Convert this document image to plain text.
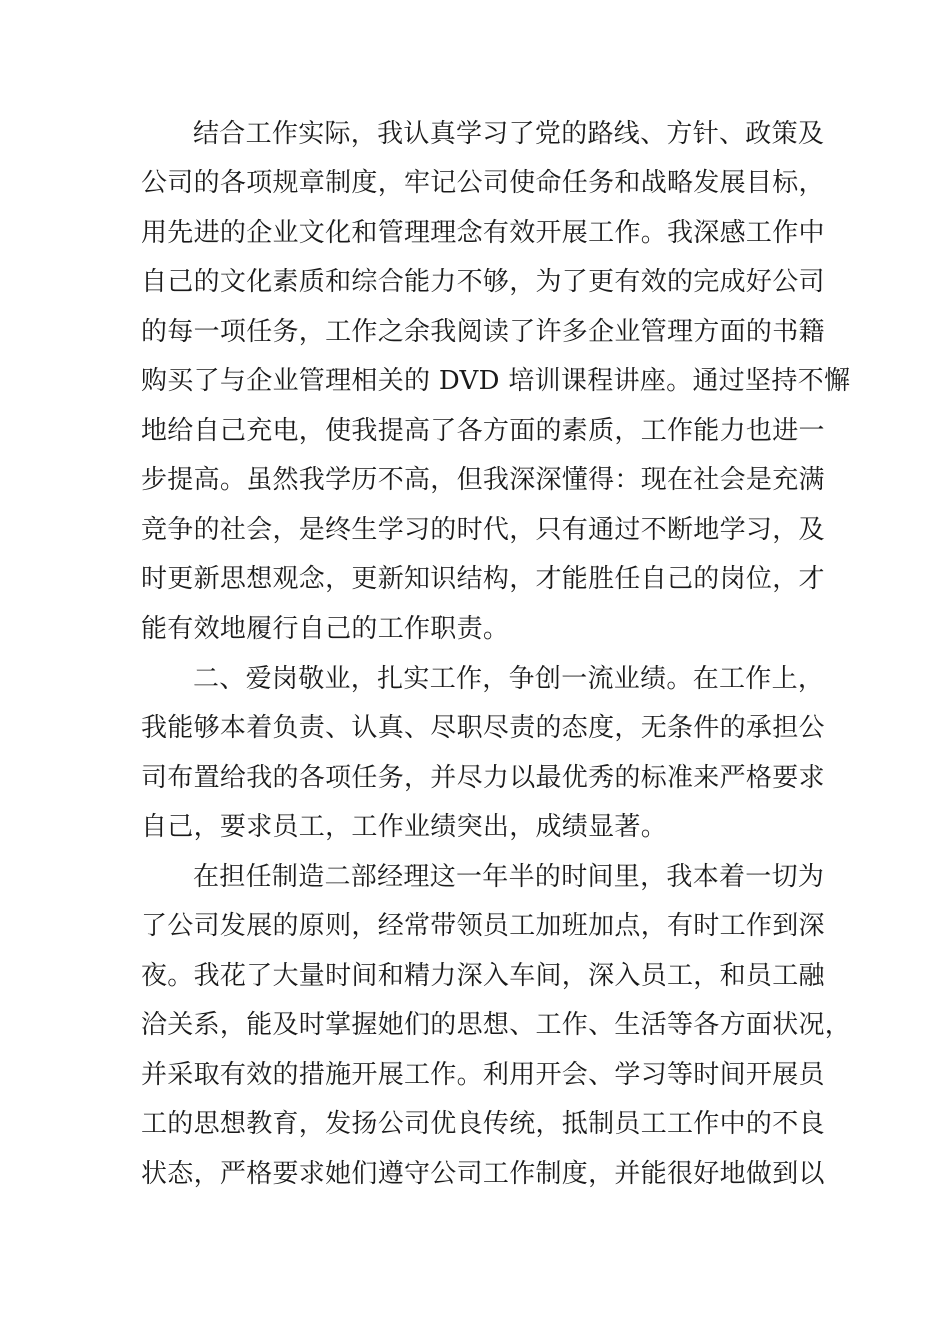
结合工作实际，我认真学习了党的路线、方针、政策及
公司的各项规章制度，牢记公司使命任务和战略发展目标，
用先进的企业文化和管理理念有效开展工作。我深感工作中
自己的文化素质和综合能力不够，为了更有效的完成好公司
的每一项任务，工作之余我阅读了许多企业管理方面的书籍
购买了与企业管理相关的 DVD 培训课程讲座。通过坚持不懈
地给自己充电，使我提高了各方面的素质，工作能力也进一
步提高。虽然我学历不高，但我深深懂得：现在社会是充满
竞争的社会，是终生学习的时代，只有通过不断地学习，及
时更新思想观念，更新知识结构，才能胜任自己的岗位，才
能有效地履行自己的工作职责。
二、爱岗敬业，扎实工作，争创一流业绩。在工作上，
我能够本着负责、认真、尽职尽责的态度，无条件的承担公
司布置给我的各项任务，并尽力以最优秀的标准来严格要求
自己，要求员工，工作业绩突出，成绩显著。
在担任制造二部经理这一年半的时间里，我本着一切为
了公司发展的原则，经常带领员工加班加点，有时工作到深
夜。我花了大量时间和精力深入车间，深入员工，和员工融
洽关系，能及时掌握她们的思想、工作、生活等各方面状况，
并采取有效的措施开展工作。利用开会、学习等时间开展员
工的思想教育，发扬公司优良传统，抵制员工工作中的不良
状态，严格要求她们遵守公司工作制度，并能很好地做到以
